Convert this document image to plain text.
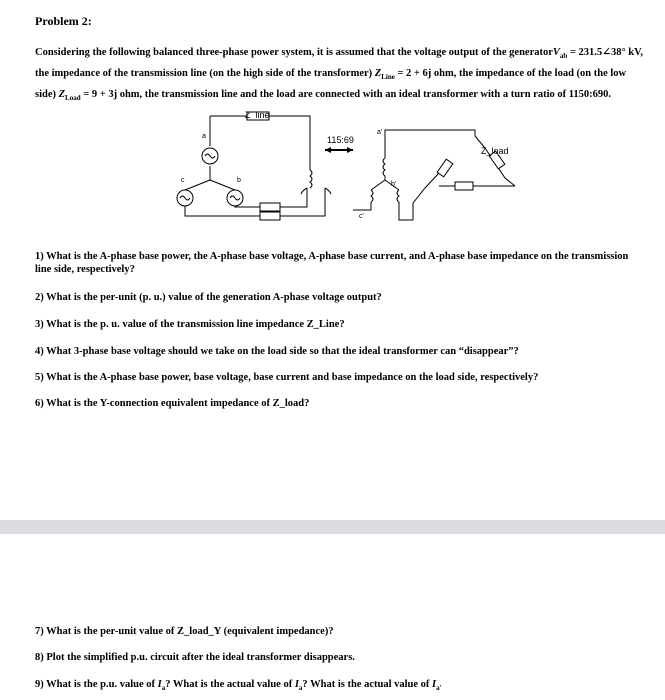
Problem 2:
Considering the following balanced three-phase power system, it is assumed that the voltage output of the generatorV$_{ab}$ = 231.5∠38° kV, the impedance of the transmission line (on the high side of the transformer) $Z_{Line} = 2 + 6j$ ohm, the impedance of the load (on the low side) $Z_{Load} = 9 + 3j$ ohm, the transmission line and the load are connected with an ideal transformer with a turn ratio of 1150:690.
Z_line
Z_load
115:69
a
b
c
a'
b'
c'
1) What is the A-phase base power, the A-phase base voltage, A-phase base current, and A-phase base impedance on the transmission line side, respectively?
2) What is the per-unit (p. u.) value of the generation A-phase voltage output?
3) What is the p. u. value of the transmission line impedance Z_Line?
4) What 3-phase base voltage should we take on the load side so that the ideal transformer can “disappear”?
5) What is the A-phase base power, base voltage, base current and base impedance on the load side, respectively?
6) What is the Y-connection equivalent impedance of Z_load?
7) What is the per-unit value of Z_load_Y (equivalent impedance)?
8) Plot the simplified p.u. circuit after the ideal transformer disappears.
9) What is the p.u. value of $I_a$? What is the actual value of $I_a$? What is the actual value of $I_{a'}$
